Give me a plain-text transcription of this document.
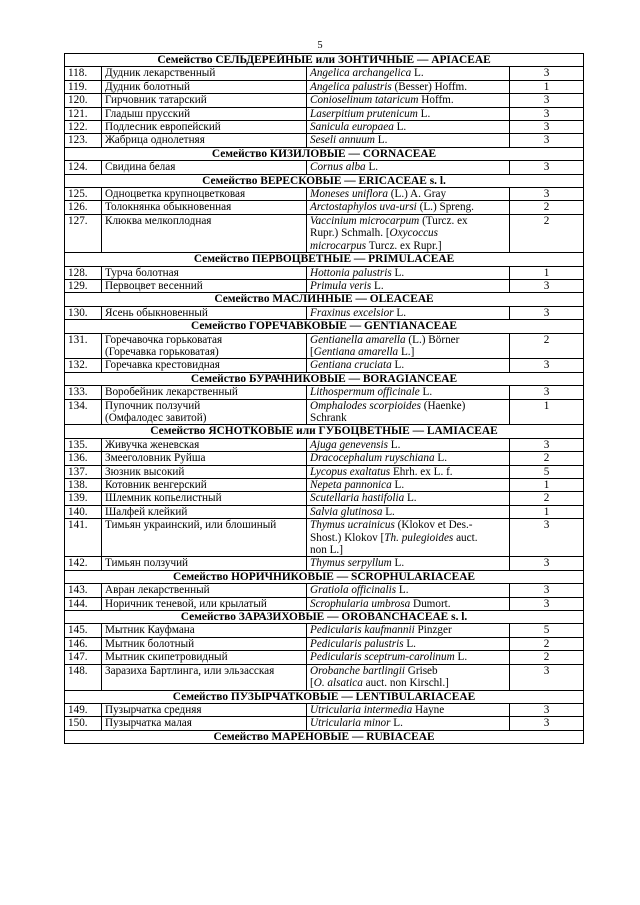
5
Семейство СЕЛЬДЕРЕЙНЫЕ или ЗОНТИЧНЫЕ — APIACEAE			
118.	Дудник лекарственный	Angelica archangelica L.	3
119.	Дудник болотный	Angelica palustris (Besser) Hoffm.	1
120.	Гирчовник татарский	Conioselinum tataricum Hoffm.	3
121.	Гладыш прусский	Laserpitium prutenicum L.	3
122.	Подлесник европейский	Sanicula europaea L.	3
123.	Жабрица однолетняя	Seseli annuum L.	3
Семейство КИЗИЛОВЫЕ — CORNACEAE			
124.	Свидина белая	Cornus alba L.	3
Семейство ВЕРЕСКОВЫЕ — ERICACEAE s. l.			
125.	Одноцветка крупноцветковая	Moneses uniflora (L.) A. Gray	3
126.	Толокнянка обыкновенная	Arctostaphylos uva-ursi (L.) Spreng.	2
127.	Клюква мелкоплодная	Vaccinium microcarpum (Turcz. ex
Rupr.) Schmalh. [Oxycoccus
microcarpus Turcz. ex Rupr.]	2
Семейство ПЕРВОЦВЕТНЫЕ — PRIMULACEAE			
128.	Турча болотная	Hottonia palustris L.	1
129.	Первоцвет весенний	Primula veris L.	3
Семейство МАСЛИННЫЕ — OLEACEAE			
130.	Ясень обыкновенный	Fraxinus excelsior L.	3
Семейство ГОРЕЧАВКОВЫЕ — GENTIANACEAE			
131.	Горечавочка горьковатая
(Горечавка горьковатая)	Gentianella amarella (L.) Börner
[Gentiana amarella L.]	2
132.	Горечавка крестовидная	Gentiana cruciata L.	3
Семейство БУРАЧНИКОВЫЕ — BORAGIANCEAE			
133.	Воробейник лекарственный	Lithospermum officinale L.	3
134.	Пупочник ползучий
(Омфалодес завитой)	Omphalodes scorpioides (Haenke)
Schrank	1
Семейство ЯСНОТКОВЫЕ или ГУБОЦВЕТНЫЕ — LAMIACEAE			
135.	Живучка женевская	Ajuga genevensis L.	3
136.	Змееголовник Руйша	Dracocephalum ruyschiana L.	2
137.	Зюзник высокий	Lycopus exaltatus Ehrh. ex L. f.	5
138.	Котовник венгерский	Nepeta pannonica L.	1
139.	Шлемник копьелистный	Scutellaria hastifolia L.	2
140.	Шалфей клейкий	Salvia glutinosa L.	1
141.	Тимьян украинский, или блошиный	Thymus ucrainicus (Klokov et Des.-
Shost.) Klokov [Th. pulegioides auct.
non L.]	3
142.	Тимьян ползучий	Thymus serpyllum L.	3
Семейство НОРИЧНИКОВЫЕ — SCROPHULARIACEAE			
143.	Авран лекарственный	Gratiola officinalis L.	3
144.	Норичник теневой, или крылатый	Scrophularia umbrosa Dumort.	3
Семейство ЗАРАЗИХОВЫЕ — OROBANCHACEAE s. l.			
145.	Мытник Кауфмана	Pedicularis kaufmannii Pinzger	5
146.	Мытник болотный	Pedicularis palustris L.	2
147.	Мытник скипетровидный	Pedicularis sceptrum-carolinum L.	2
148.	Заразиха Бартлинга, или эльзасская	Orobanche bartlingii Griseb
[O. alsatica auct. non Kirschl.]	3
Семейство ПУЗЫРЧАТКОВЫЕ — LENTIBULARIACEAE			
149.	Пузырчатка средняя	Utricularia intermedia Hayne	3
150.	Пузырчатка малая	Utricularia minor L.	3
Семейство МАРЕНОВЫЕ — RUBIACEAE			
